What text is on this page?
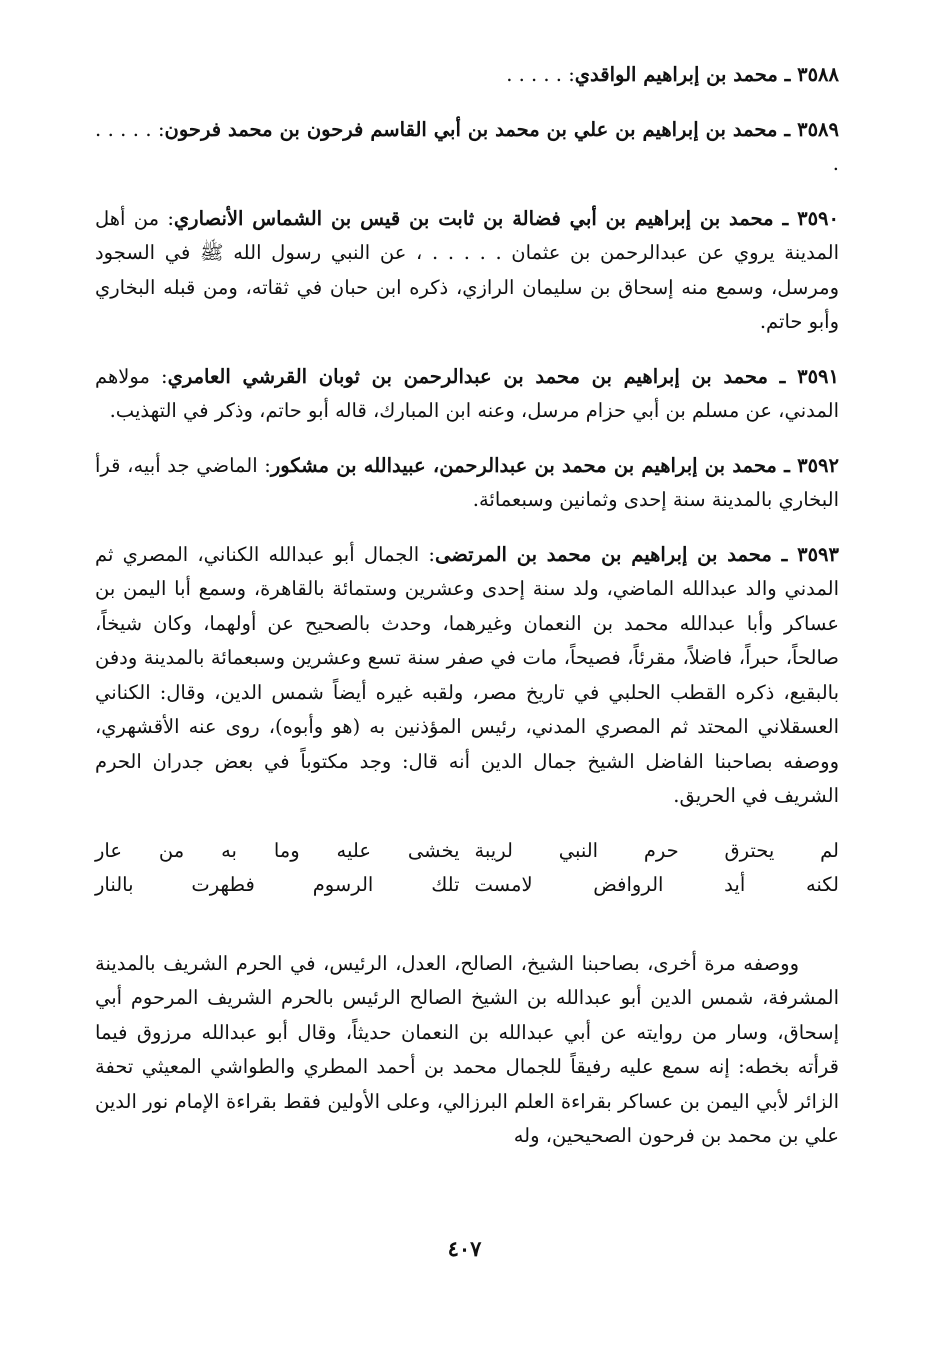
٣٥٨٨ ـ محمد بن إبراهيم الواقدي: . . . . .

٣٥٨٩ ـ محمد بن إبراهيم بن علي بن محمد بن أبي القاسم فرحون بن محمد فرحون: . . . . . .

٣٥٩٠ ـ محمد بن إبراهيم بن أبي فضالة بن ثابت بن قيس بن الشماس الأنصاري: من أهل المدينة يروي عن عبدالرحمن بن عثمان . . . . . ، عن النبي رسول الله ﷺ في السجود ومرسل، وسمع منه إسحاق بن سليمان الرازي، ذكره ابن حبان في ثقاته، ومن قبله البخاري وأبو حاتم.

٣٥٩١ ـ محمد بن إبراهيم بن محمد بن عبدالرحمن بن ثوبان القرشي العامري: مولاهم المدني، عن مسلم بن أبي حزام مرسل، وعنه ابن المبارك، قاله أبو حاتم، وذكر في التهذيب.

٣٥٩٢ ـ محمد بن إبراهيم بن محمد بن عبدالرحمن، عبيدالله بن مشكور: الماضي جد أبيه، قرأ البخاري بالمدينة سنة إحدى وثمانين وسبعمائة.

٣٥٩٣ ـ محمد بن إبراهيم بن محمد بن المرتضى: الجمال أبو عبدالله الكناني، المصري ثم المدني والد عبدالله الماضي، ولد سنة إحدى وعشرين وستمائة بالقاهرة، وسمع أبا اليمن بن عساكر وأبا عبدالله محمد بن النعمان وغيرهما، وحدث بالصحيح عن أولهما، وكان شيخاً، صالحاً، حبراً، فاضلاً، مقرئاً، فصيحاً، مات في صفر سنة تسع وعشرين وسبعمائة بالمدينة ودفن بالبقيع، ذكره القطب الحلبي في تاريخ مصر، ولقبه غيره أيضاً شمس الدين، وقال: الكناني العسقلاني المحتد ثم المصري المدني، رئيس المؤذنين به (هو وأبوه)، روى عنه الأقشهري، ووصفه بصاحبنا الفاضل الشيخ جمال الدين أنه قال: وجد مكتوباً في بعض جدران الحرم الشريف في الحريق.

لم يحترق حرم النبي لريبة
يخشى عليه وما به من عار
لكنه أيد الروافض لامست
تلك الرسوم فطهرت بالنار

ووصفه مرة أخرى، بصاحبنا الشيخ، الصالح، العدل، الرئيس، في الحرم الشريف بالمدينة المشرفة، شمس الدين أبو عبدالله بن الشيخ الصالح الرئيس بالحرم الشريف المرحوم أبي إسحاق، وسار من روايته عن أبي عبدالله بن النعمان حديثاً، وقال أبو عبدالله مرزوق فيما قرأته بخطه: إنه سمع عليه رفيقاً للجمال محمد بن أحمد المطري والطواشي المعيثي تحفة الزائر لأبي اليمن بن عساكر بقراءة العلم البرزالي، وعلى الأولين فقط بقراءة الإمام نور الدين علي بن محمد بن فرحون الصحيحين، وله

٤٠٧
